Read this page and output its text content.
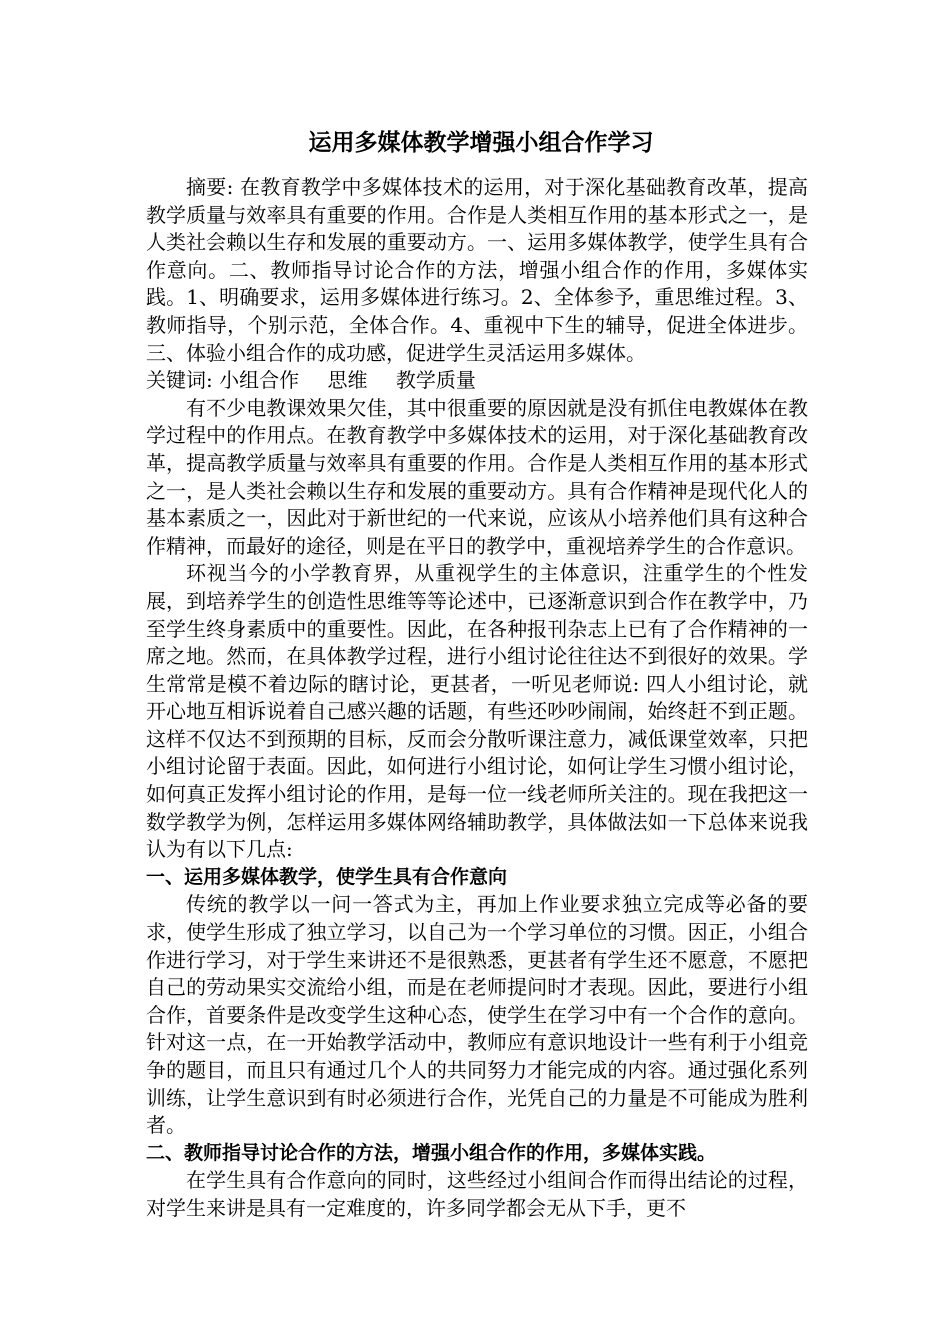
运用多媒体教学增强小组合作学习

摘要: 在教育教学中多媒体技术的运用，对于深化基础教育改革，提高教学质量与效率具有重要的作用。合作是人类相互作用的基本形式之一，是人类社会赖以生存和发展的重要动方。一、运用多媒体教学，使学生具有合作意向。二、教师指导讨论合作的方法，增强小组合作的作用，多媒体实践。1、明确要求，运用多媒体进行练习。2、全体参予，重思维过程。3、教师指导，个别示范，全体合作。4、重视中下生的辅导，促进全体进步。三、体验小组合作的成功感，促进学生灵活运用多媒体。

关键词: 小组合作 思维 教学质量

有不少电教课效果欠佳，其中很重要的原因就是没有抓住电教媒体在教学过程中的作用点。在教育教学中多媒体技术的运用，对于深化基础教育改革，提高教学质量与效率具有重要的作用。合作是人类相互作用的基本形式之一，是人类社会赖以生存和发展的重要动方。具有合作精神是现代化人的基本素质之一，因此对于新世纪的一代来说，应该从小培养他们具有这种合作精神，而最好的途径，则是在平日的教学中，重视培养学生的合作意识。

环视当今的小学教育界，从重视学生的主体意识，注重学生的个性发展，到培养学生的创造性思维等等论述中，已逐渐意识到合作在教学中，乃至学生终身素质中的重要性。因此，在各种报刊杂志上已有了合作精神的一席之地。然而，在具体教学过程，进行小组讨论往往达不到很好的效果。学生常常是模不着边际的瞎讨论，更甚者，一听见老师说: 四人小组讨论，就开心地互相诉说着自己感兴趣的话题，有些还吵吵闹闹，始终赶不到正题。这样不仅达不到预期的目标，反而会分散听课注意力，减低课堂效率，只把小组讨论留于表面。因此，如何进行小组讨论，如何让学生习惯小组讨论，如何真正发挥小组讨论的作用，是每一位一线老师所关注的。现在我把这一数学教学为例，怎样运用多媒体网络辅助教学，具体做法如一下总体来说我认为有以下几点:

一、运用多媒体教学，使学生具有合作意向

传统的教学以一问一答式为主，再加上作业要求独立完成等必备的要求，使学生形成了独立学习，以自己为一个学习单位的习惯。因正，小组合作进行学习，对于学生来讲还不是很熟悉，更甚者有学生还不愿意，不愿把自己的劳动果实交流给小组，而是在老师提问时才表现。因此，要进行小组合作，首要条件是改变学生这种心态，使学生在学习中有一个合作的意向。针对这一点，在一开始教学活动中，教师应有意识地设计一些有利于小组竞争的题目，而且只有通过几个人的共同努力才能完成的内容。通过强化系列训练，让学生意识到有时必须进行合作，光凭自己的力量是不可能成为胜利者。

二、教师指导讨论合作的方法，增强小组合作的作用，多媒体实践。

在学生具有合作意向的同时，这些经过小组间合作而得出结论的过程，对学生来讲是具有一定难度的，许多同学都会无从下手，更不
